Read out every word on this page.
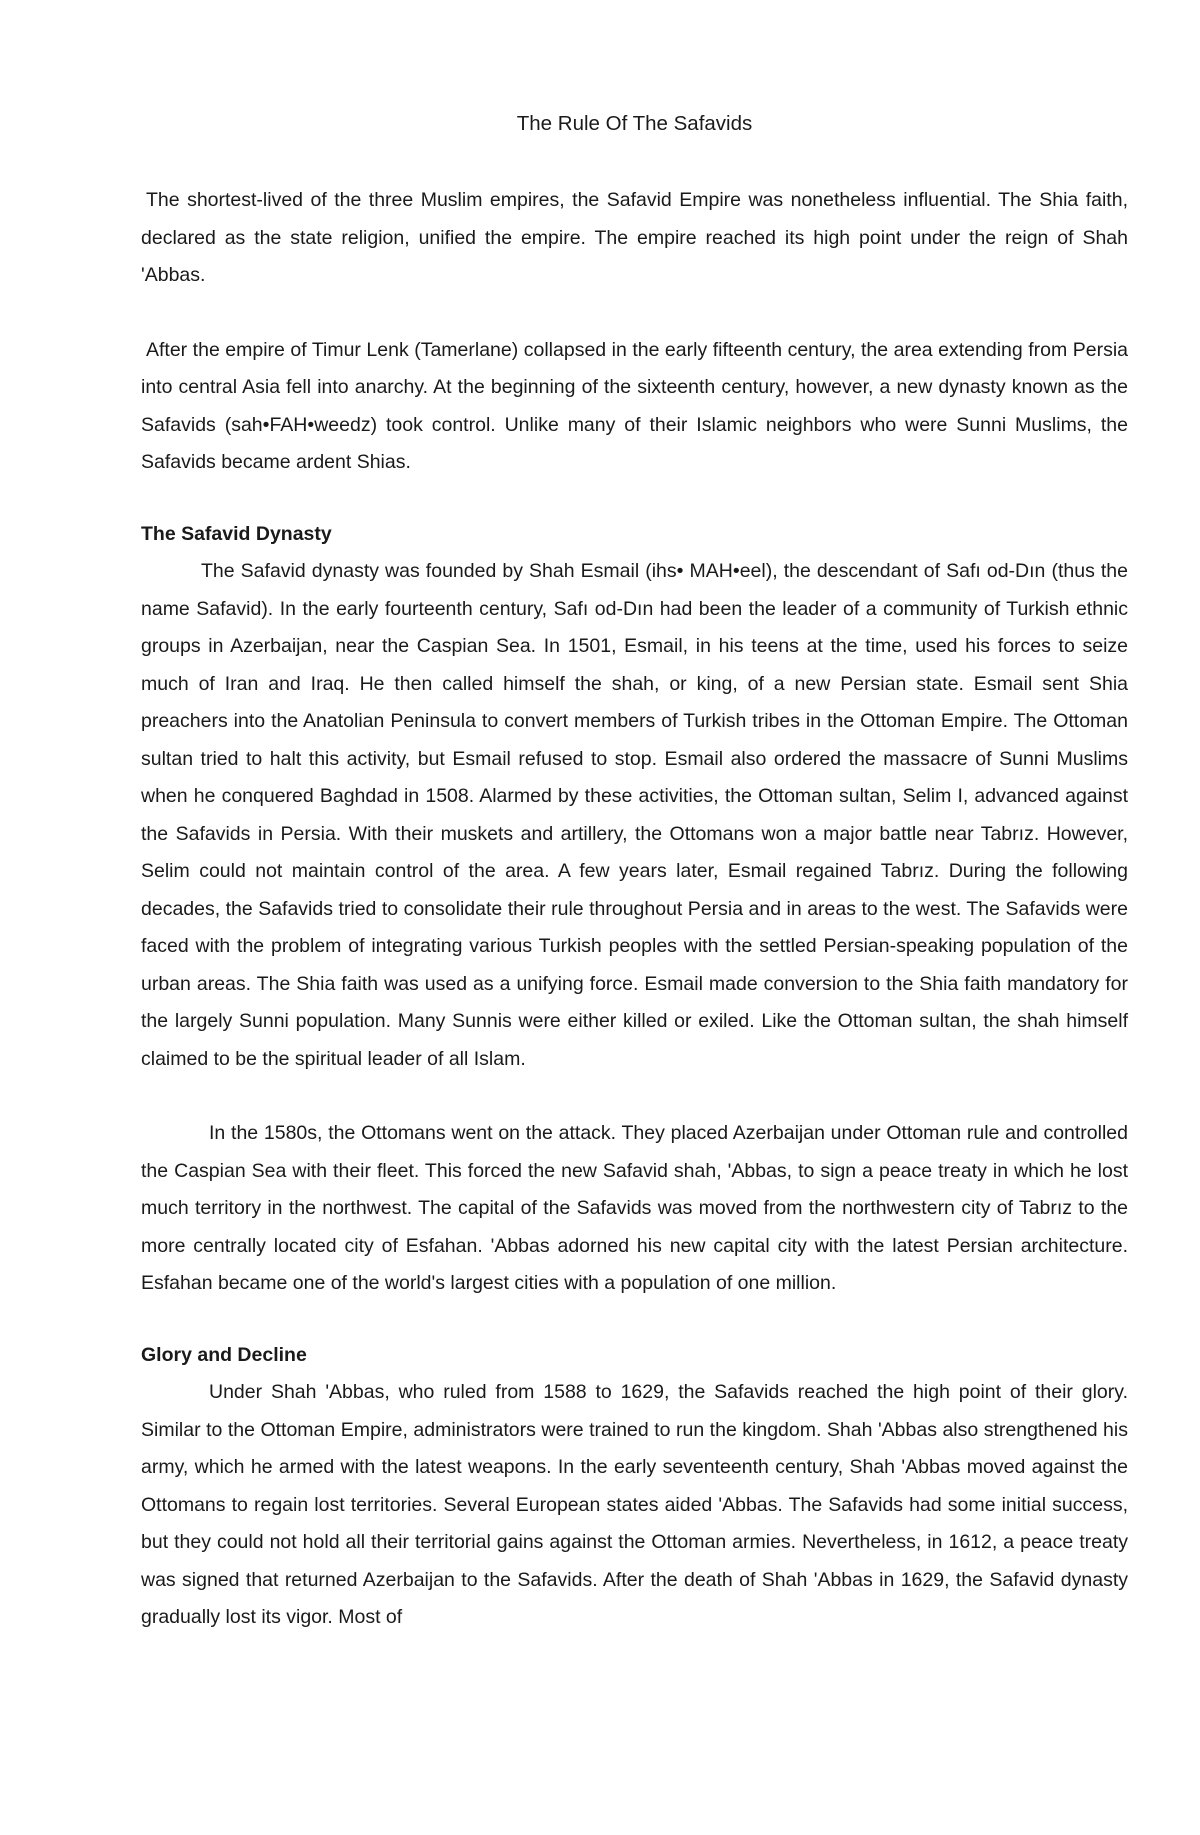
The Rule Of The Safavids

The shortest-lived of the three Muslim empires, the Safavid Empire was nonetheless influential. The Shia faith, declared as the state religion, unified the empire. The empire reached its high point under the reign of Shah 'Abbas.

After the empire of Timur Lenk (Tamerlane) collapsed in the early fifteenth century, the area extending from Persia into central Asia fell into anarchy. At the beginning of the sixteenth century, however, a new dynasty known as the Safavids (sah•FAH•weedz) took control. Unlike many of their Islamic neighbors who were Sunni Muslims, the Safavids became ardent Shias.

The Safavid Dynasty

The Safavid dynasty was founded by Shah Esmail (ihs• MAH•eel), the descendant of Safı od-Dın (thus the name Safavid). In the early fourteenth century, Safı od-Dın had been the leader of a community of Turkish ethnic groups in Azerbaijan, near the Caspian Sea. In 1501, Esmail, in his teens at the time, used his forces to seize much of Iran and Iraq. He then called himself the shah, or king, of a new Persian state. Esmail sent Shia preachers into the Anatolian Peninsula to convert members of Turkish tribes in the Ottoman Empire. The Ottoman sultan tried to halt this activity, but Esmail refused to stop. Esmail also ordered the massacre of Sunni Muslims when he conquered Baghdad in 1508. Alarmed by these activities, the Ottoman sultan, Selim I, advanced against the Safavids in Persia. With their muskets and artillery, the Ottomans won a major battle near Tabrız. However, Selim could not maintain control of the area. A few years later, Esmail regained Tabrız. During the following decades, the Safavids tried to consolidate their rule throughout Persia and in areas to the west. The Safavids were faced with the problem of integrating various Turkish peoples with the settled Persian-speaking population of the urban areas. The Shia faith was used as a unifying force. Esmail made conversion to the Shia faith mandatory for the largely Sunni population. Many Sunnis were either killed or exiled. Like the Ottoman sultan, the shah himself claimed to be the spiritual leader of all Islam.

In the 1580s, the Ottomans went on the attack. They placed Azerbaijan under Ottoman rule and controlled the Caspian Sea with their fleet. This forced the new Safavid shah, 'Abbas, to sign a peace treaty in which he lost much territory in the northwest. The capital of the Safavids was moved from the northwestern city of Tabrız to the more centrally located city of Esfahan. 'Abbas adorned his new capital city with the latest Persian architecture. Esfahan became one of the world's largest cities with a population of one million.

Glory and Decline

Under Shah 'Abbas, who ruled from 1588 to 1629, the Safavids reached the high point of their glory. Similar to the Ottoman Empire, administrators were trained to run the kingdom. Shah 'Abbas also strengthened his army, which he armed with the latest weapons. In the early seventeenth century, Shah 'Abbas moved against the Ottomans to regain lost territories. Several European states aided 'Abbas. The Safavids had some initial success, but they could not hold all their territorial gains against the Ottoman armies. Nevertheless, in 1612, a peace treaty was signed that returned Azerbaijan to the Safavids. After the death of Shah 'Abbas in 1629, the Safavid dynasty gradually lost its vigor. Most of
